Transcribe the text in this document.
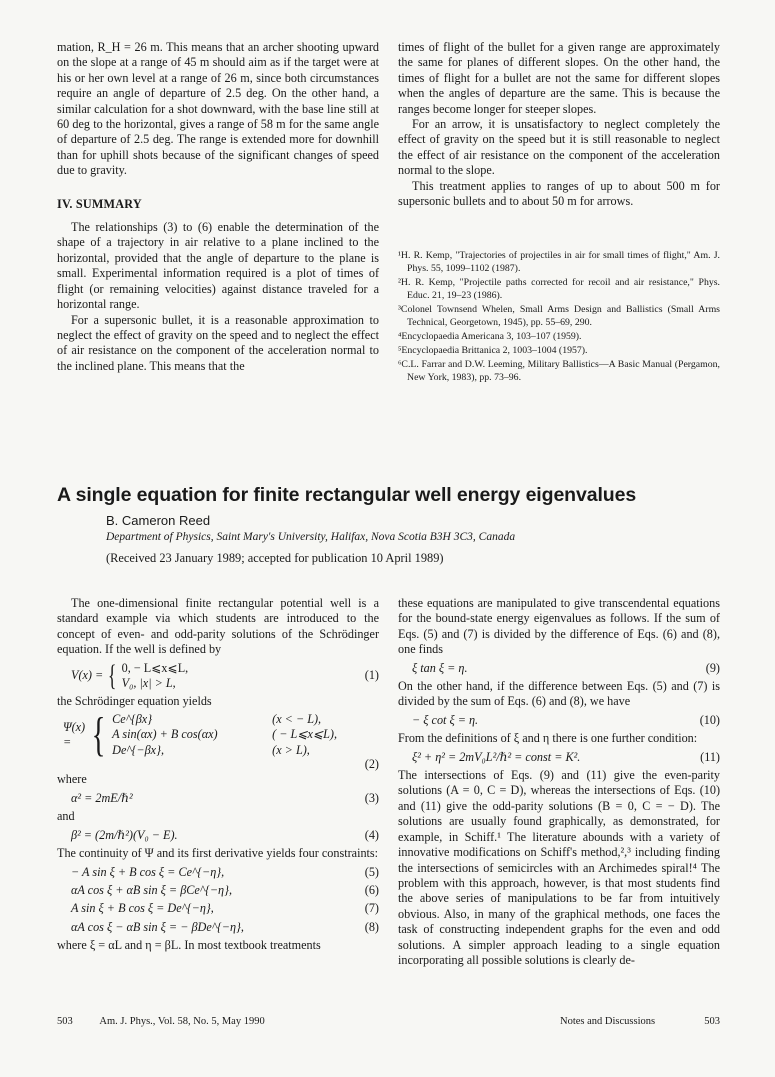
mation, R_H = 26 m. This means that an archer shooting upward on the slope at a range of 45 m should aim as if the target were at his or her own level at a range of 26 m, since both circumstances require an angle of departure of 2.5 deg. On the other hand, a similar calculation for a shot downward, with the base line still at 60 deg to the horizontal, gives a range of 58 m for the same angle of departure of 2.5 deg. The range is extended more for downhill than for uphill shots because of the significant changes of speed due to gravity.

IV. SUMMARY

The relationships (3) to (6) enable the determination of the shape of a trajectory in air relative to a plane inclined to the horizontal, provided that the angle of departure to the plane is small. Experimental information required is a plot of times of flight (or remaining velocities) against distance traveled for a horizontal range.

For a supersonic bullet, it is a reasonable approximation to neglect the effect of gravity on the speed and to neglect the effect of air resistance on the component of the acceleration normal to the inclined plane. This means that the

times of flight of the bullet for a given range are approximately the same for planes of different slopes. On the other hand, the times of flight for a bullet are not the same for different slopes when the angles of departure are the same. This is because the ranges become longer for steeper slopes.

For an arrow, it is unsatisfactory to neglect completely the effect of gravity on the speed but it is still reasonable to neglect the effect of air resistance on the component of the acceleration normal to the slope.

This treatment applies to ranges of up to about 500 m for supersonic bullets and to about 50 m for arrows.

¹H. R. Kemp, "Trajectories of projectiles in air for small times of flight," Am. J. Phys. 55, 1099–1102 (1987).
²H. R. Kemp, "Projectile paths corrected for recoil and air resistance," Phys. Educ. 21, 19–23 (1986).
³Colonel Townsend Whelen, Small Arms Design and Ballistics (Small Arms Technical, Georgetown, 1945), pp. 55–69, 290.
⁴Encyclopaedia Americana 3, 103–107 (1959).
⁵Encyclopaedia Brittanica 2, 1003–1004 (1957).
⁶C.L. Farrar and D.W. Leeming, Military Ballistics—A Basic Manual (Pergamon, New York, 1983), pp. 73–96.
A single equation for finite rectangular well energy eigenvalues
B. Cameron Reed
Department of Physics, Saint Mary's University, Halifax, Nova Scotia B3H 3C3, Canada
(Received 23 January 1989; accepted for publication 10 April 1989)

The one-dimensional finite rectangular potential well is a standard example via which students are introduced to the concept of even- and odd-parity solutions of the Schrödinger equation. If the well is defined by

V(x) = { 0, − L⩽x⩽L,
V₀, |x| > L,
(1)

the Schrödinger equation yields

Ψ(x) = { Ce^{βx}	(x < − L),
A sin(αx) + B cos(αx)	( − L⩽x⩽L),
De^{−βx},	(x > L),
(2)

where

α² = 2mE/ℏ²	(3)

and

β² = (2m/ℏ²)(V₀ − E).	(4)

The continuity of Ψ and its first derivative yields four constraints:

− A sin ξ + B cos ξ = Ce^{−η},	(5)
αA cos ξ + αB sin ξ = βCe^{−η},	(6)
A sin ξ + B cos ξ = De^{−η},	(7)
αA cos ξ − αB sin ξ = − βDe^{−η},	(8)

where ξ = αL and η = βL. In most textbook treatments

these equations are manipulated to give transcendental equations for the bound-state energy eigenvalues as follows. If the sum of Eqs. (5) and (7) is divided by the difference of Eqs. (6) and (8), one finds

ξ tan ξ = η.	(9)

On the other hand, if the difference between Eqs. (5) and (7) is divided by the sum of Eqs. (6) and (8), we have

− ξ cot ξ = η.	(10)

From the definitions of ξ and η there is one further condition:

ξ² + η² = 2mV₀L²/ℏ² = const = K².	(11)

The intersections of Eqs. (9) and (11) give the even-parity solutions (A = 0, C = D), whereas the intersections of Eqs. (10) and (11) give the odd-parity solutions (B = 0, C = − D). The solutions are usually found graphically, as demonstrated, for example, in Schiff.¹ The literature abounds with a variety of innovative modifications on Schiff's method,²,³ including finding the intersections of semicircles with an Archimedes spiral!⁴ The problem with this approach, however, is that most students find the above series of manipulations to be far from intuitively obvious. Also, in many of the graphical methods, one faces the task of constructing independent graphs for the even and odd solutions. A simpler approach leading to a single equation incorporating all possible solutions is clearly de-

503	Am. J. Phys., Vol. 58, No. 5, May 1990	Notes and Discussions	503
